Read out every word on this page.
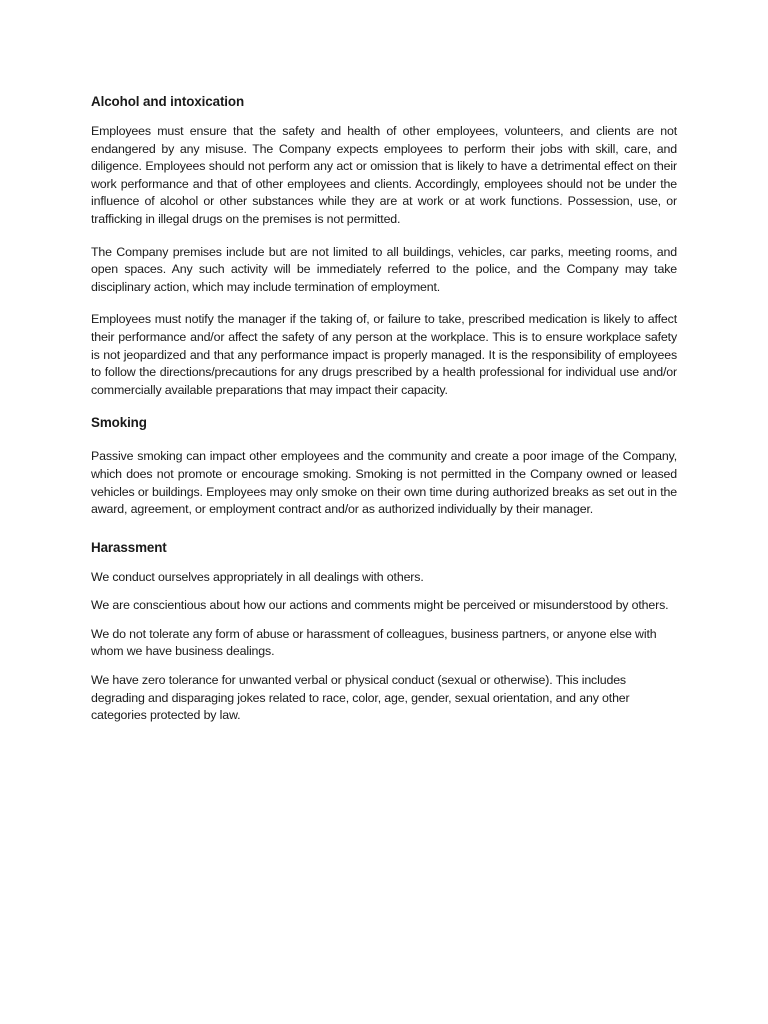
Alcohol and intoxication

Employees must ensure that the safety and health of other employees, volunteers, and clients are not endangered by any misuse. The Company expects employees to perform their jobs with skill, care, and diligence. Employees should not perform any act or omission that is likely to have a detrimental effect on their work performance and that of other employees and clients. Accordingly, employees should not be under the influence of alcohol or other substances while they are at work or at work functions. Possession, use, or trafficking in illegal drugs on the premises is not permitted.

The Company premises include but are not limited to all buildings, vehicles, car parks, meeting rooms, and open spaces. Any such activity will be immediately referred to the police, and the Company may take disciplinary action, which may include termination of employment.

Employees must notify the manager if the taking of, or failure to take, prescribed medication is likely to affect their performance and/or affect the safety of any person at the workplace. This is to ensure workplace safety is not jeopardized and that any performance impact is properly managed. It is the responsibility of employees to follow the directions/precautions for any drugs prescribed by a health professional for individual use and/or commercially available preparations that may impact their capacity.

Smoking

Passive smoking can impact other employees and the community and create a poor image of the Company, which does not promote or encourage smoking. Smoking is not permitted in the Company owned or leased vehicles or buildings. Employees may only smoke on their own time during authorized breaks as set out in the award, agreement, or employment contract and/or as authorized individually by their manager.

Harassment

We conduct ourselves appropriately in all dealings with others.

We are conscientious about how our actions and comments might be perceived or misunderstood by others.

We do not tolerate any form of abuse or harassment of colleagues, business partners, or anyone else with whom we have business dealings.

We have zero tolerance for unwanted verbal or physical conduct (sexual or otherwise). This includes degrading and disparaging jokes related to race, color, age, gender, sexual orientation, and any other categories protected by law.
